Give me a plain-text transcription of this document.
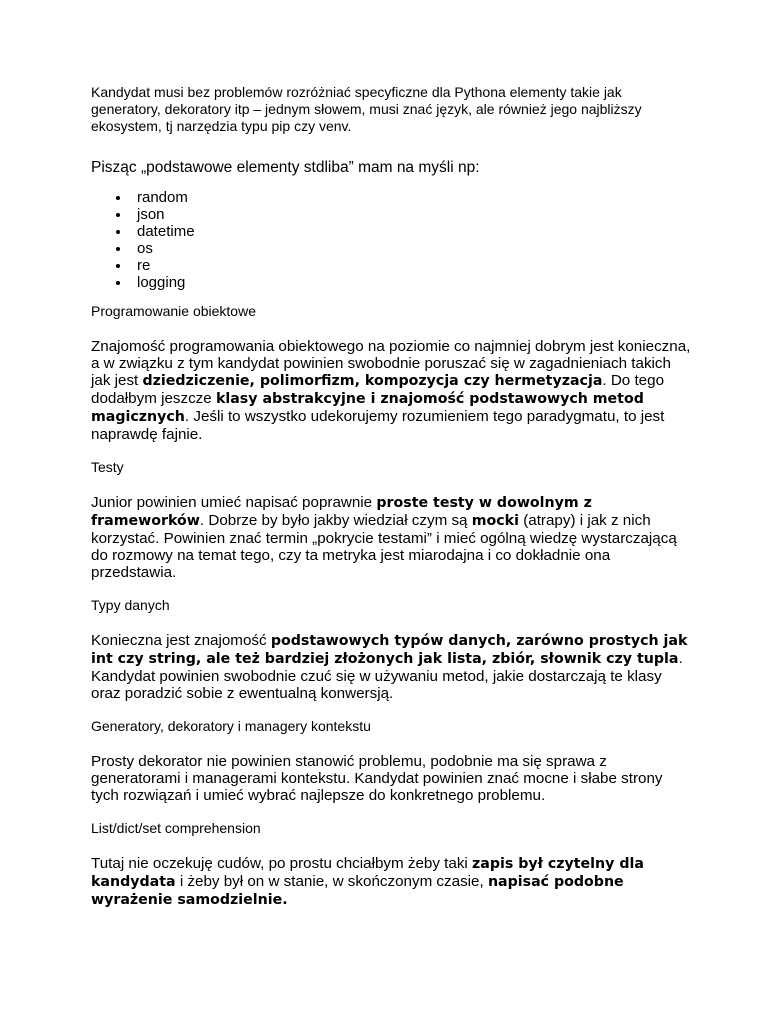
Kandydat musi bez problemów rozróżniać specyficzne dla Pythona elementy takie jak generatory, dekoratory itp – jednym słowem, musi znać język, ale również jego najbliższy ekosystem, tj narzędzia typu pip czy venv.

Pisząc „podstawowe elementy stdliba” mam na myśli np:

random
json
datetime
os
re
logging

Programowanie obiektowe

Znajomość programowania obiektowego na poziomie co najmniej dobrym jest konieczna, a w związku z tym kandydat powinien swobodnie poruszać się w zagadnieniach takich jak jest dziedziczenie, polimorfizm, kompozycja czy hermetyzacja. Do tego dodałbym jeszcze klasy abstrakcyjne i znajomość podstawowych metod magicznych. Jeśli to wszystko udekorujemy rozumieniem tego paradygmatu, to jest naprawdę fajnie.

Testy

Junior powinien umieć napisać poprawnie proste testy w dowolnym z frameworków. Dobrze by było jakby wiedział czym są mocki (atrapy) i jak z nich korzystać. Powinien znać termin „pokrycie testami” i mieć ogólną wiedzę wystarczającą do rozmowy na temat tego, czy ta metryka jest miarodajna i co dokładnie ona przedstawia.

Typy danych

Konieczna jest znajomość podstawowych typów danych, zarówno prostych jak int czy string, ale też bardziej złożonych jak lista, zbiór, słownik czy tupla. Kandydat powinien swobodnie czuć się w używaniu metod, jakie dostarczają te klasy oraz poradzić sobie z ewentualną konwersją.

Generatory, dekoratory i managery kontekstu

Prosty dekorator nie powinien stanowić problemu, podobnie ma się sprawa z generatorami i managerami kontekstu. Kandydat powinien znać mocne i słabe strony tych rozwiązań i umieć wybrać najlepsze do konkretnego problemu.

List/dict/set comprehension

Tutaj nie oczekuję cudów, po prostu chciałbym żeby taki zapis był czytelny dla kandydata i żeby był on w stanie, w skończonym czasie, napisać podobne wyrażenie samodzielnie.
